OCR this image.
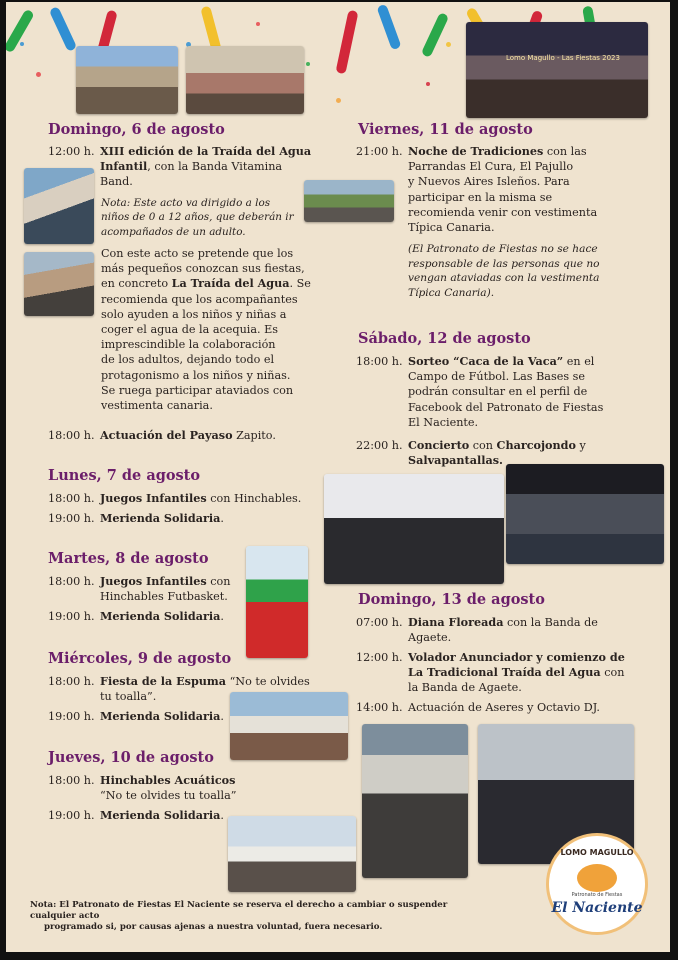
Lomo Magullo - Las Fiestas 2023
Domingo, 6 de agosto
12:00 h. XIII edición de la Traída del Agua
Infantil, con la Banda Vitamina
Band.
Nota: Este acto va dirigido a los
niños de 0 a 12 años, que deberán ir
acompañados de un adulto.
Con este acto se pretende que los
más pequeños conozcan sus fiestas,
en concreto La Traída del Agua. Se
recomienda que los acompañantes
solo ayuden a los niños y niñas a
coger el agua de la acequia. Es
imprescindible la colaboración
de los adultos, dejando todo el
protagonismo a los niños y niñas.
Se ruega participar ataviados con
vestimenta canaria.
18:00 h. Actuación del Payaso Zapito.
Lunes, 7 de agosto
18:00 h. Juegos Infantiles con Hinchables.
19:00 h. Merienda Solidaria.
Martes, 8 de agosto
18:00 h. Juegos Infantiles con
Hinchables Futbasket.
19:00 h. Merienda Solidaria.
Miércoles, 9 de agosto
18:00 h. Fiesta de la Espuma “No te olvides
tu toalla”.
19:00 h. Merienda Solidaria.
Jueves, 10 de agosto
18:00 h. Hinchables Acuáticos
“No te olvides tu toalla”
19:00 h. Merienda Solidaria.
Viernes, 11 de agosto
21:00 h. Noche de Tradiciones con las
Parrandas El Cura, El Pajullo
y Nuevos Aires Isleños. Para
participar en la misma se
recomienda venir con vestimenta
Típica Canaria.
(El Patronato de Fiestas no se hace
responsable de las personas que no
vengan ataviadas con la vestimenta
Típica Canaria).
Sábado, 12 de agosto
18:00 h. Sorteo “Caca de la Vaca” en el
Campo de Fútbol. Las Bases se
podrán consultar en el perfil de
Facebook del Patronato de Fiestas
El Naciente.
22:00 h. Concierto con Charcojondo y
Salvapantallas.
Domingo, 13 de agosto
07:00 h. Diana Floreada con la Banda de
Agaete.
12:00 h. Volador Anunciador y comienzo de
La Tradicional Traída del Agua con
la Banda de Agaete.
14:00 h. Actuación de Aseres y Octavio DJ.
LOMO MAGULLO
Patronato de Fiestas
El Naciente
Nota: El Patronato de Fiestas El Naciente se reserva el derecho a cambiar o suspender cualquier acto
programado si, por causas ajenas a nuestra voluntad, fuera necesario.
